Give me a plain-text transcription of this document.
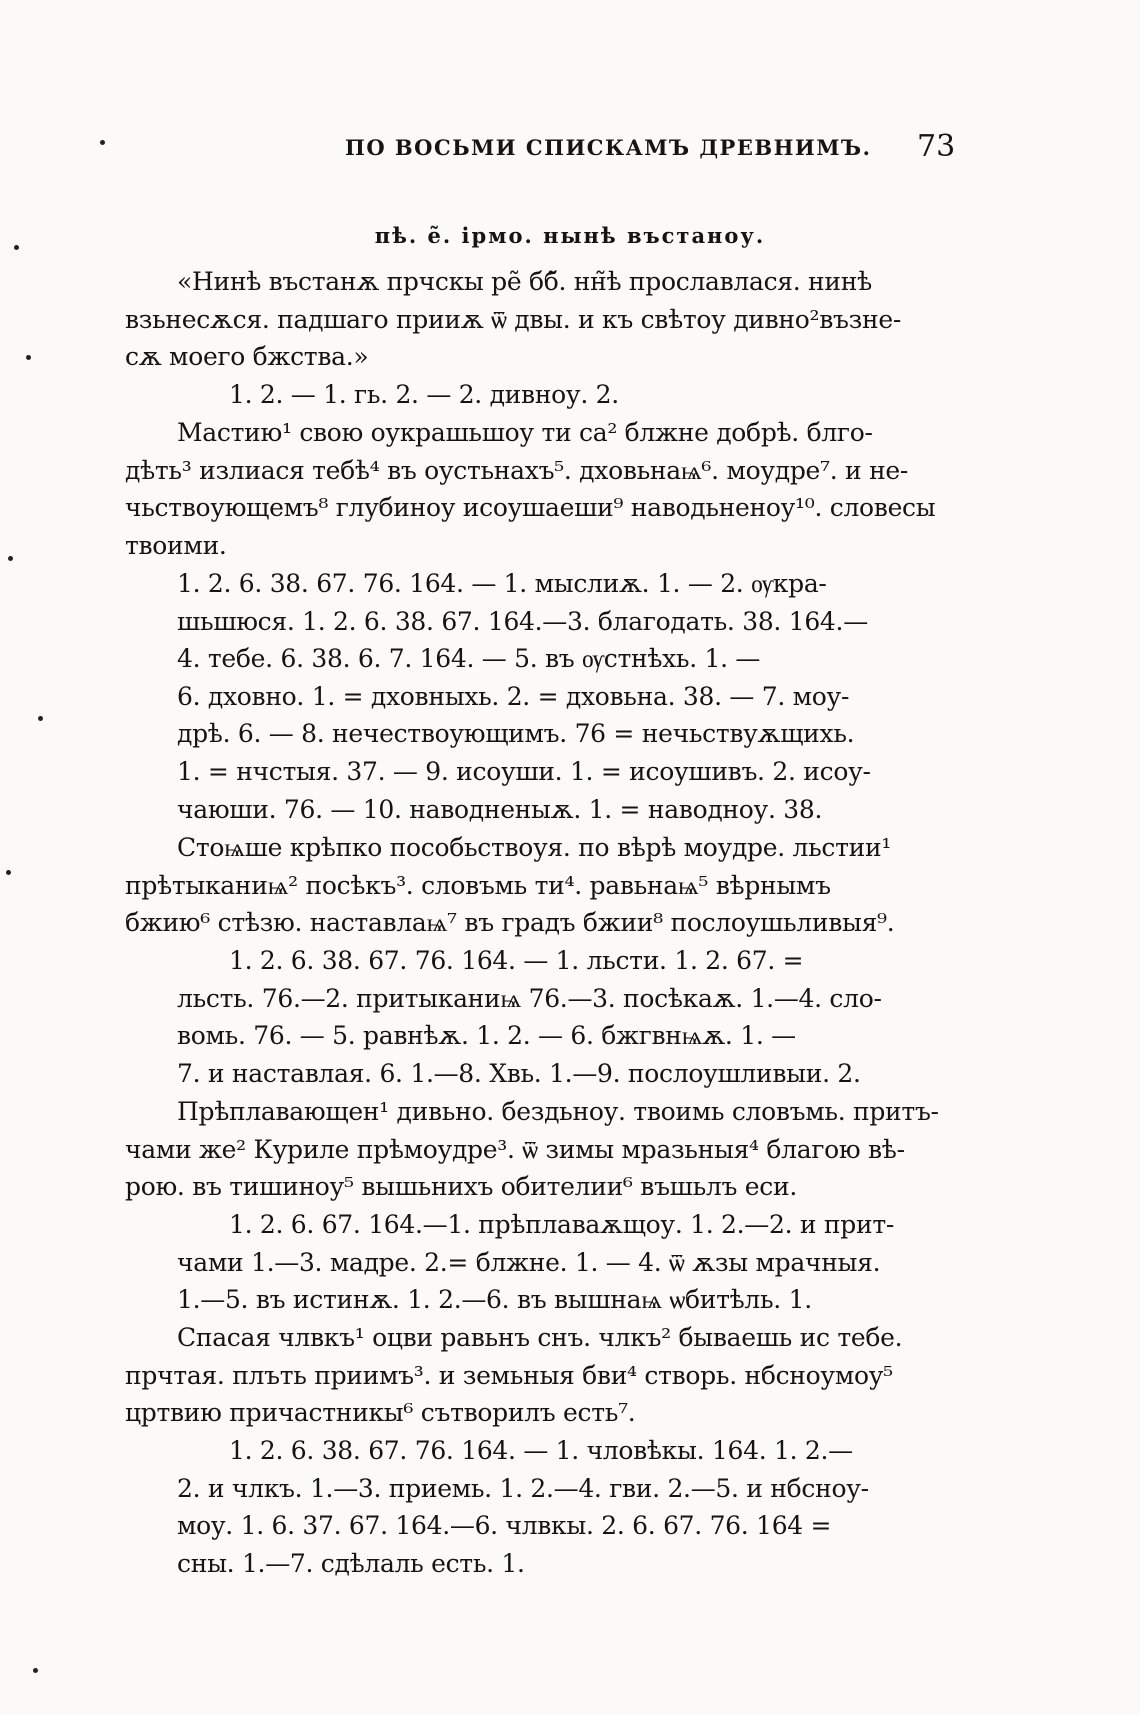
ПО ВОСЬМИ СПИСКАМЪ ДРЕВНИМЪ. 73
пѣ. е̃. ірмо. нынѣ въстаноу.
«Нинѣ въстанѫ прчскы ре̃ бб̃. нн̃ѣ прославлася. нинѣ
взьнесѫся. падшаго прииѫ ѿ двы. и къ свѣтоу дивно²възне-
сѫ моего бжства.»
1. 2. — 1. гь. 2. — 2. дивноу. 2.
Мастию¹ свою оукрашьшоу ти са² блжне добрѣ. блго-
дѣть³ излиася тебѣ⁴ въ оустьнахъ⁵. дховьнаѩ⁶. моудре⁷. и не-
чьствоующемъ⁸ глубиноу исоушаеши⁹ наводьненоу¹⁰. словесы
твоими.
1. 2. 6. 38. 67. 76. 164. — 1. мыслиѫ. 1. — 2. ѹкра-
шьшюся. 1. 2. 6. 38. 67. 164.—3. благодать. 38. 164.—
4. тебе. 6. 38. 6. 7. 164. — 5. въ ѹстнѣхь. 1. —
6. дховно. 1. = дховныхь. 2. = дховьна. 38. — 7. моу-
дрѣ. 6. — 8. нечествоующимъ. 76 = нечьствуѫщихь.
1. = нчстыя. 37. — 9. исоуши. 1. = исоушивъ. 2. исоу-
чаюши. 76. — 10. наводненыѫ. 1. = наводноу. 38.
Стоѩше крѣпко пособьствоуя. по вѣрѣ моудре. льстии¹
прѣтыканиѩ² посѣкъ³. словъмь ти⁴. равьнаѩ⁵ вѣрнымъ
бжию⁶ стѣзю. наставлаѩ⁷ въ градъ бжии⁸ послоушьливыя⁹.
1. 2. 6. 38. 67. 76. 164. — 1. льсти. 1. 2. 67. =
льсть. 76.—2. притыканиѩ 76.—3. посѣкаѫ. 1.—4. сло-
вомь. 76. — 5. равнѣѫ. 1. 2. — 6. бжгвнѩѫ. 1. —
7. и наставлая. 6. 1.—8. Хвь. 1.—9. послоушливыи. 2.
Прѣплавающен¹ дивьно. бездьноу. твоимь словъмь. притъ-
чами же² Куриле прѣмоудре³. ѿ зимы мразьныя⁴ благою вѣ-
рою. въ тишиноу⁵ вышьнихъ обителии⁶ въшьлъ еси.
1. 2. 6. 67. 164.—1. прѣплаваѫщоу. 1. 2.—2. и прит-
чами 1.—3. мадре. 2.= блжне. 1. — 4. ѿ ѫзы мрачныя.
1.—5. въ истинѫ. 1. 2.—6. въ вышнаѩ ѡбитѣль. 1.
Спасая члвкъ¹ оцви равьнъ снъ. члкъ² бываешь ис тебе.
прчтая. плъть приимъ³. и земьныя бви⁴ створь. нбсноумоу⁵
цртвию причастникы⁶ сътворилъ есть⁷.
1. 2. 6. 38. 67. 76. 164. — 1. чловѣкы. 164. 1. 2.—
2. и члкъ. 1.—3. приемь. 1. 2.—4. гви. 2.—5. и нбсноу-
моу. 1. 6. 37. 67. 164.—6. члвкы. 2. 6. 67. 76. 164 =
сны. 1.—7. сдѣлаль есть. 1.
